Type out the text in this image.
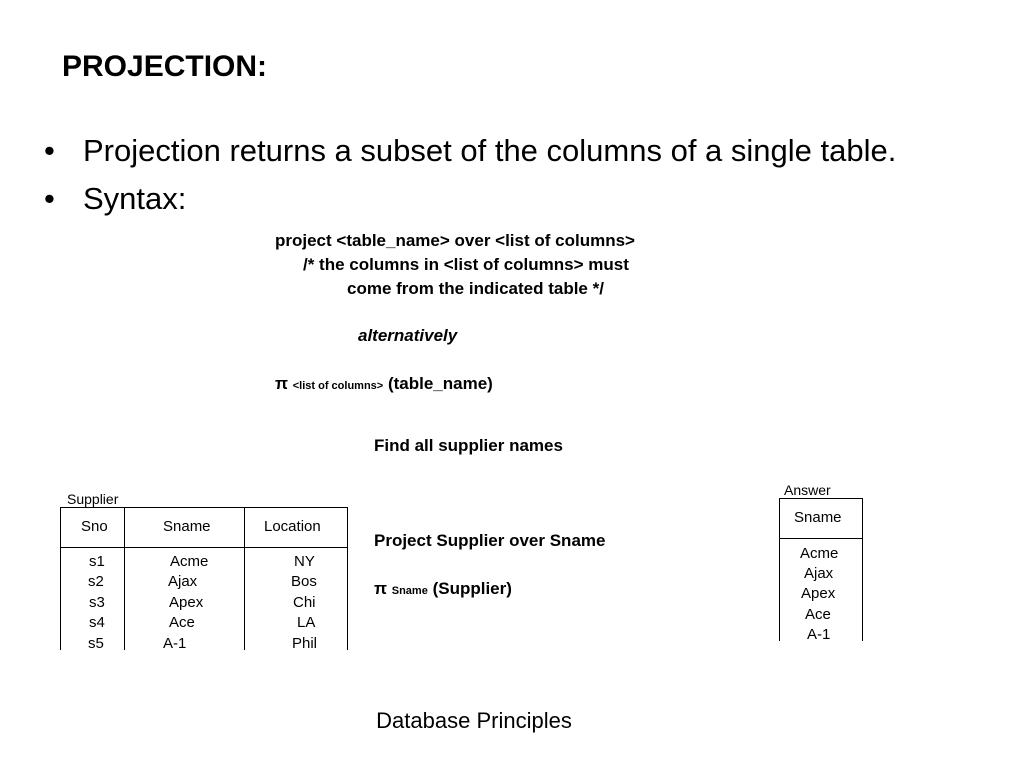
PROJECTION:
• Projection returns a subset of the columns of a single table.
• Syntax:
project <table_name> over <list of columns>
/* the columns in <list of columns> must
come from the indicated table */
alternatively
π <list of columns> (table_name)
Find all supplier names
Project Supplier over Sname
π Sname (Supplier)
Supplier
Sno	Sname	Location
s1	Acme	NY
s2	Ajax	Bos
s3	Apex	Chi
s4	Ace	LA
s5	A-1	Phil
Answer
Sname
Acme
Ajax
Apex
Ace
A-1
Database Principles
